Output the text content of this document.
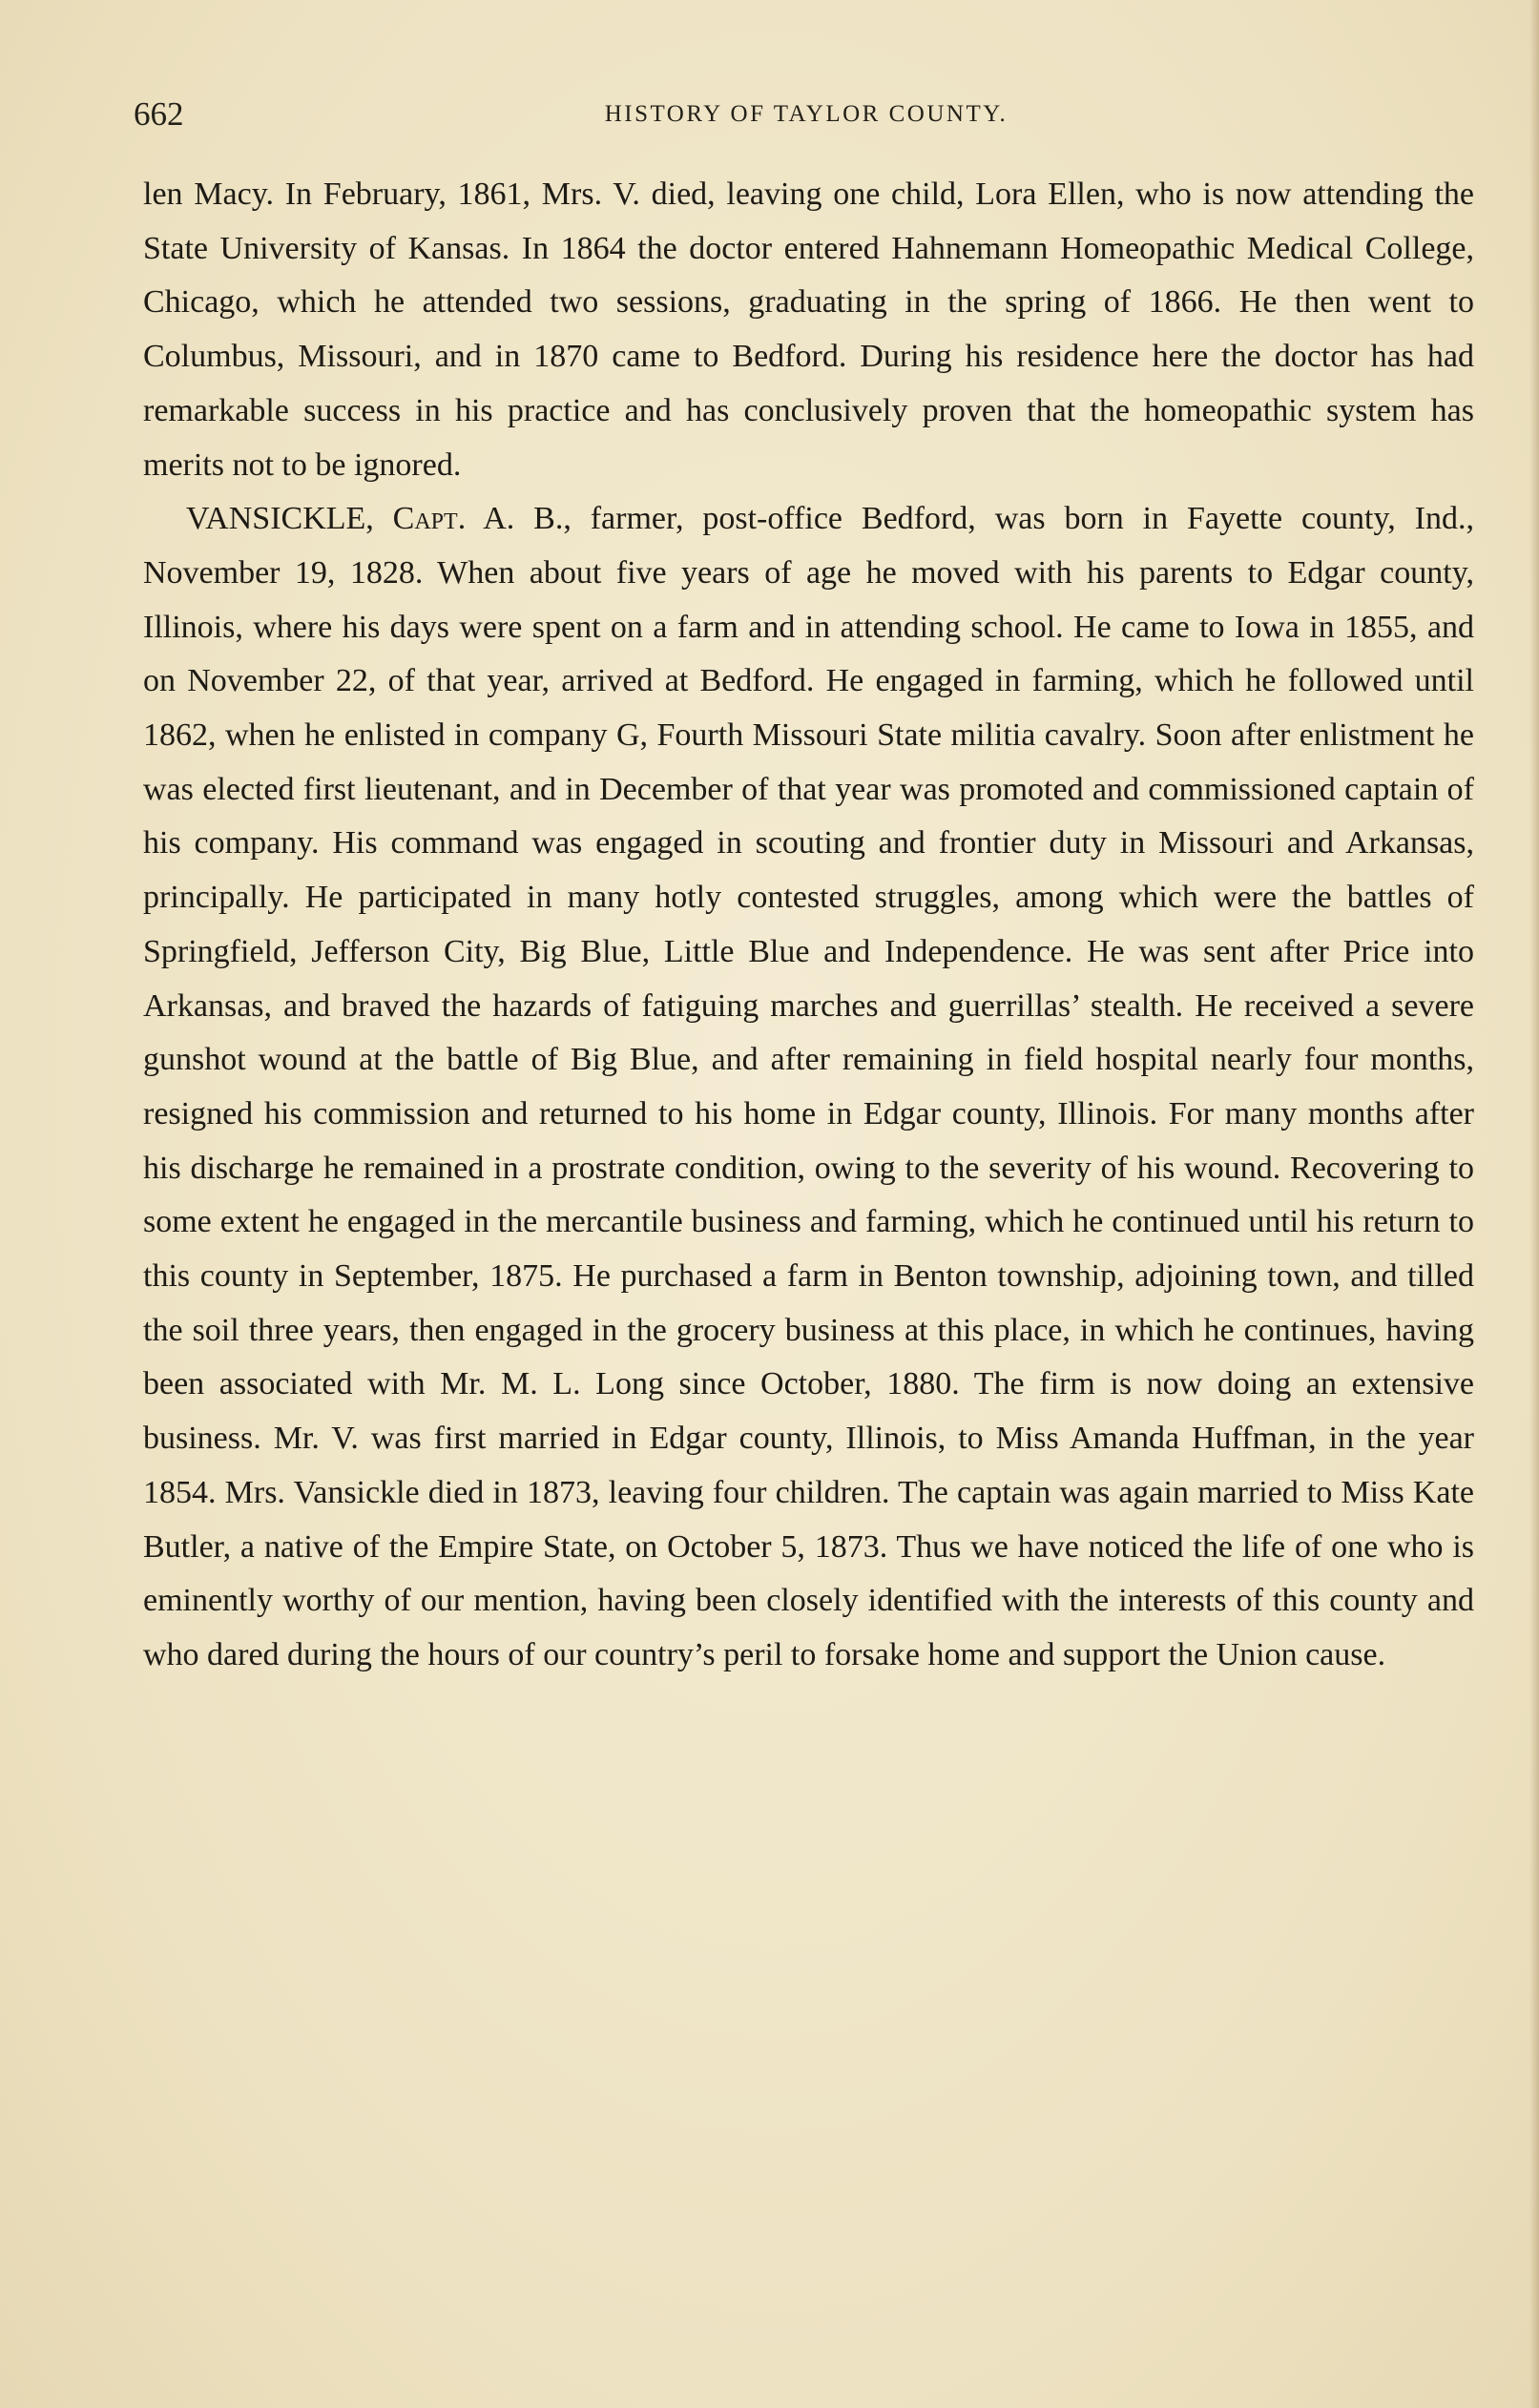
662	HISTORY OF TAYLOR COUNTY.

len Macy. In February, 1861, Mrs. V. died, leaving one child, Lora Ellen, who is now attending the State University of Kansas. In 1864 the doctor entered Hahnemann Homeopathic Medical College, Chicago, which he attended two sessions, graduating in the spring of 1866. He then went to Columbus, Missouri, and in 1870 came to Bedford. During his residence here the doctor has had remarkable success in his practice and has conclusively proven that the homeopathic system has merits not to be ignored.

VANSICKLE, Capt. A. B., farmer, post-office Bedford, was born in Fayette county, Ind., November 19, 1828. When about five years of age he moved with his parents to Edgar county, Illinois, where his days were spent on a farm and in attending school. He came to Iowa in 1855, and on November 22, of that year, arrived at Bedford. He engaged in farming, which he followed until 1862, when he enlisted in company G, Fourth Missouri State militia cavalry. Soon after enlistment he was elected first lieutenant, and in December of that year was promoted and commissioned captain of his company. His command was engaged in scouting and frontier duty in Missouri and Arkansas, principally. He participated in many hotly contested struggles, among which were the battles of Springfield, Jefferson City, Big Blue, Little Blue and Independence. He was sent after Price into Arkansas, and braved the hazards of fatiguing marches and guerrillas’ stealth. He received a severe gunshot wound at the battle of Big Blue, and after remaining in field hospital nearly four months, resigned his commission and returned to his home in Edgar county, Illinois. For many months after his discharge he remained in a prostrate condition, owing to the severity of his wound. Recovering to some extent he engaged in the mercantile business and farming, which he continued until his return to this county in September, 1875. He purchased a farm in Benton township, adjoining town, and tilled the soil three years, then engaged in the grocery business at this place, in which he continues, having been associated with Mr. M. L. Long since October, 1880. The firm is now doing an extensive business. Mr. V. was first married in Edgar county, Illinois, to Miss Amanda Huffman, in the year 1854. Mrs. Vansickle died in 1873, leaving four children. The captain was again married to Miss Kate Butler, a native of the Empire State, on October 5, 1873. Thus we have noticed the life of one who is eminently worthy of our mention, having been closely identified with the interests of this county and who dared during the hours of our country’s peril to forsake home and support the Union cause.
